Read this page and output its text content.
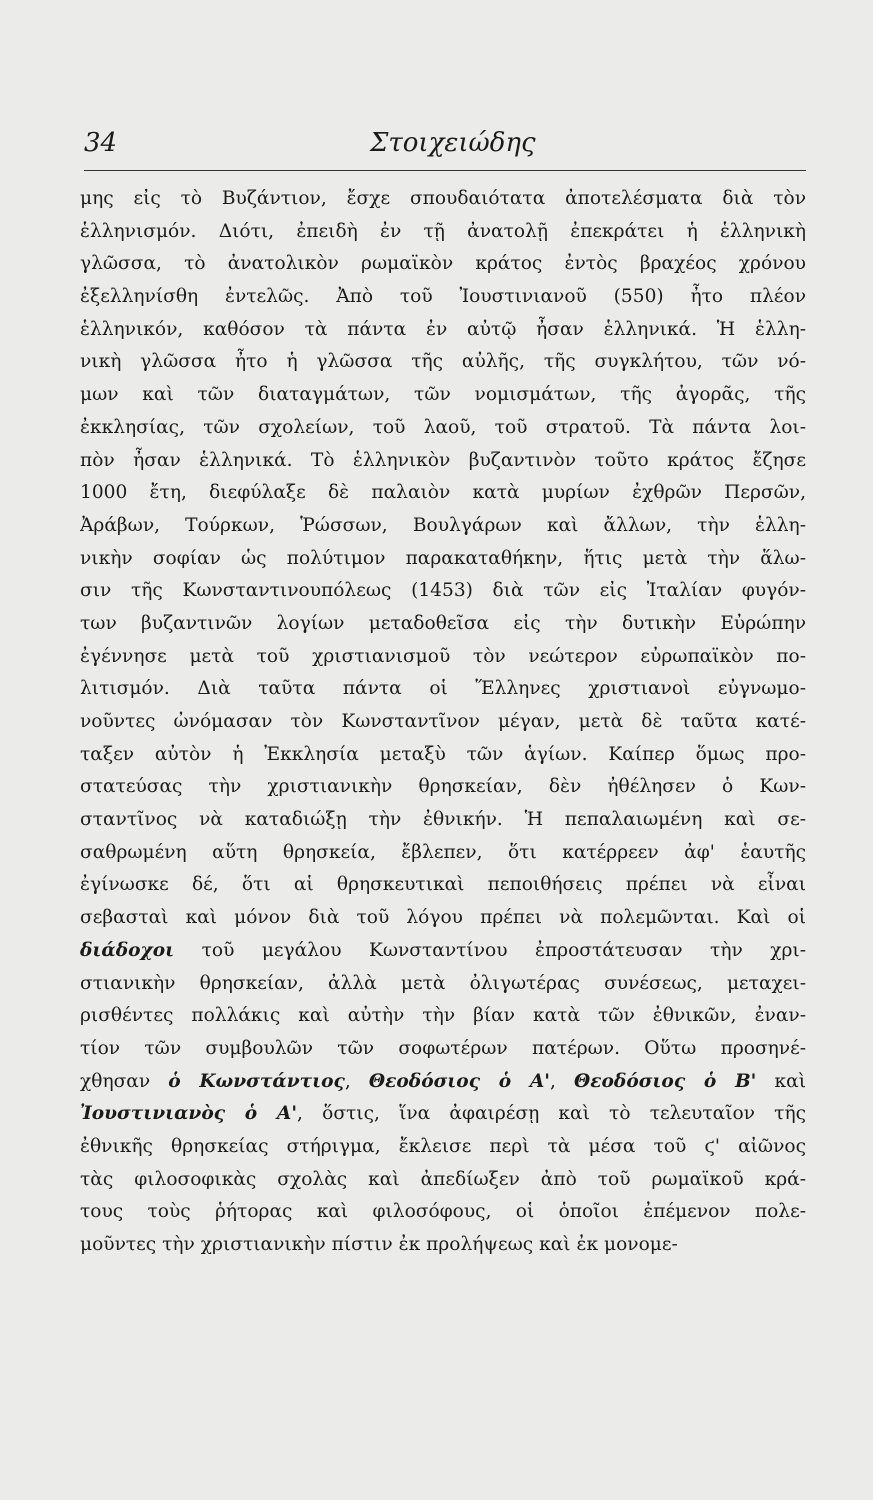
34	Στοιχειώδης
μης εἰς τὸ Βυζάντιον, ἔσχε σπουδαιότατα ἀποτελέσματα διὰ τὸν
ἑλληνισμόν. Διότι, ἐπειδὴ ἐν τῇ ἀνατολῇ ἐπεκράτει ἡ ἑλληνικὴ
γλῶσσα, τὸ ἀνατολικὸν ρωμαϊκὸν κράτος ἐντὸς βραχέος χρόνου
ἐξελληνίσθη ἐντελῶς. Ἀπὸ τοῦ Ἰουστινιανοῦ (550) ἦτο πλέον
ἑλληνικόν, καθόσον τὰ πάντα ἐν αὐτῷ ἦσαν ἑλληνικά. Ἡ ἑλλη-
νικὴ γλῶσσα ἦτο ἡ γλῶσσα τῆς αὐλῆς, τῆς συγκλήτου, τῶν νό-
μων καὶ τῶν διαταγμάτων, τῶν νομισμάτων, τῆς ἀγορᾶς, τῆς
ἐκκλησίας, τῶν σχολείων, τοῦ λαοῦ, τοῦ στρατοῦ. Τὰ πάντα λοι-
πὸν ἦσαν ἑλληνικά. Τὸ ἑλληνικὸν βυζαντινὸν τοῦτο κράτος ἔζησε
1000 ἔτη, διεφύλαξε δὲ παλαιὸν κατὰ μυρίων ἐχθρῶν Περσῶν,
Ἀράβων, Τούρκων, Ῥώσσων, Βουλγάρων καὶ ἄλλων, τὴν ἑλλη-
νικὴν σοφίαν ὡς πολύτιμον παρακαταθήκην, ἥτις μετὰ τὴν ἅλω-
σιν τῆς Κωνσταντινουπόλεως (1453) διὰ τῶν εἰς Ἰταλίαν φυγόν-
των βυζαντινῶν λογίων μεταδοθεῖσα εἰς τὴν δυτικὴν Εὐρώπην
ἐγέννησε μετὰ τοῦ χριστιανισμοῦ τὸν νεώτερον εὐρωπαϊκὸν πο-
λιτισμόν. Διὰ ταῦτα πάντα οἱ Ἕλληνες χριστιανοὶ εὐγνωμο-
νοῦντες ὠνόμασαν τὸν Κωνσταντῖνον μέγαν, μετὰ δὲ ταῦτα κατέ-
ταξεν αὐτὸν ἡ Ἐκκλησία μεταξὺ τῶν ἁγίων. Καίπερ ὅμως προ-
στατεύσας τὴν χριστιανικὴν θρησκείαν, δὲν ἠθέλησεν ὁ Κων-
σταντῖνος νὰ καταδιώξῃ τὴν ἐθνικήν. Ἡ πεπαλαιωμένη καὶ σε-
σαθρωμένη αὕτη θρησκεία, ἔβλεπεν, ὅτι κατέρρεεν ἀφ' ἑαυτῆς
ἐγίνωσκε δέ, ὅτι αἱ θρησκευτικαὶ πεποιθήσεις πρέπει νὰ εἶναι
σεβασταὶ καὶ μόνον διὰ τοῦ λόγου πρέπει νὰ πολεμῶνται. Καὶ οἱ
διάδοχοι τοῦ μεγάλου Κωνσταντίνου ἐπροστάτευσαν τὴν χρι-
στιανικὴν θρησκείαν, ἀλλὰ μετὰ ὀλιγωτέρας συνέσεως, μεταχει-
ρισθέντες πολλάκις καὶ αὐτὴν τὴν βίαν κατὰ τῶν ἐθνικῶν, ἐναν-
τίον τῶν συμβουλῶν τῶν σοφωτέρων πατέρων. Οὕτω προσηνέ-
χθησαν ὁ Κωνστάντιος, Θεοδόσιος ὁ Α', Θεοδόσιος ὁ Β' καὶ
Ἰουστινιανὸς ὁ Α', ὅστις, ἵνα ἀφαιρέσῃ καὶ τὸ τελευταῖον τῆς
ἐθνικῆς θρησκείας στήριγμα, ἔκλεισε περὶ τὰ μέσα τοῦ ϛ' αἰῶνος
τὰς φιλοσοφικὰς σχολὰς καὶ ἀπεδίωξεν ἀπὸ τοῦ ρωμαϊκοῦ κρά-
τους τοὺς ῥήτορας καὶ φιλοσόφους, οἱ ὁποῖοι ἐπέμενον πολε-
μοῦντες τὴν χριστιανικὴν πίστιν ἐκ προλήψεως καὶ ἐκ μονομε-
